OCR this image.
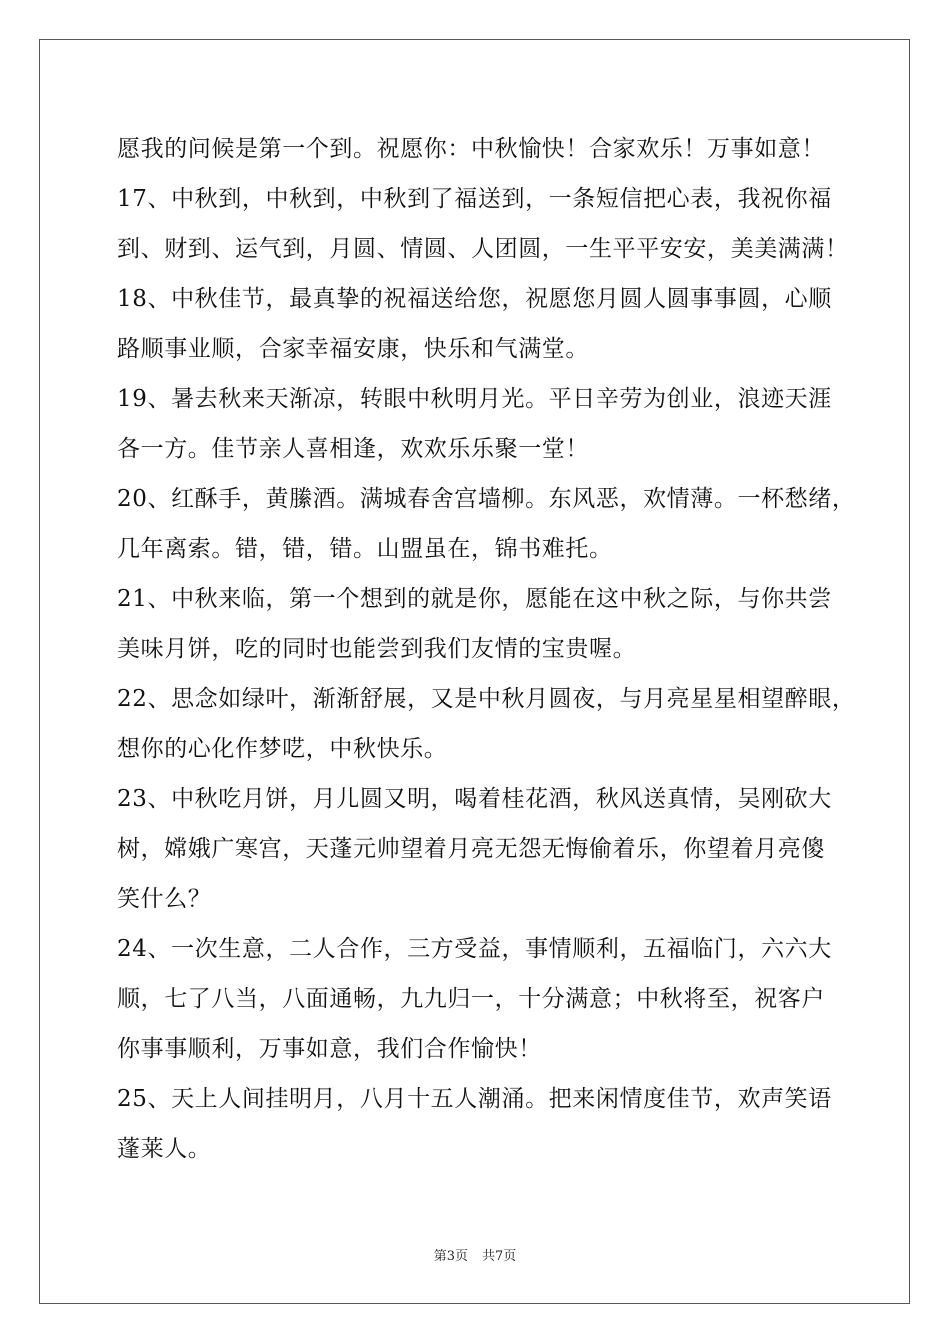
愿我的问候是第一个到。祝愿你：中秋愉快！合家欢乐！万事如意！
17、中秋到，中秋到，中秋到了福送到，一条短信把心表，我祝你福
到、财到、运气到，月圆、情圆、人团圆，一生平平安安，美美满满！
18、中秋佳节，最真挚的祝福送给您，祝愿您月圆人圆事事圆，心顺
路顺事业顺，合家幸福安康，快乐和气满堂。
19、暑去秋来天渐凉，转眼中秋明月光。平日辛劳为创业，浪迹天涯
各一方。佳节亲人喜相逢，欢欢乐乐聚一堂！
20、红酥手，黄縢酒。满城春舍宫墙柳。东风恶，欢情薄。一杯愁绪，
几年离索。错，错，错。山盟虽在，锦书难托。
21、中秋来临，第一个想到的就是你，愿能在这中秋之际，与你共尝
美味月饼，吃的同时也能尝到我们友情的宝贵喔。
22、思念如绿叶，渐渐舒展，又是中秋月圆夜，与月亮星星相望醉眼，
想你的心化作梦呓，中秋快乐。
23、中秋吃月饼，月儿圆又明，喝着桂花酒，秋风送真情，吴刚砍大
树，嫦娥广寒宫，天蓬元帅望着月亮无怨无悔偷着乐，你望着月亮傻
笑什么？
24、一次生意，二人合作，三方受益，事情顺利，五福临门，六六大
顺，七了八当，八面通畅，九九归一，十分满意；中秋将至，祝客户
你事事顺利，万事如意，我们合作愉快！
25、天上人间挂明月，八月十五人潮涌。把来闲情度佳节，欢声笑语
蓬莱人。
第3页 共7页
